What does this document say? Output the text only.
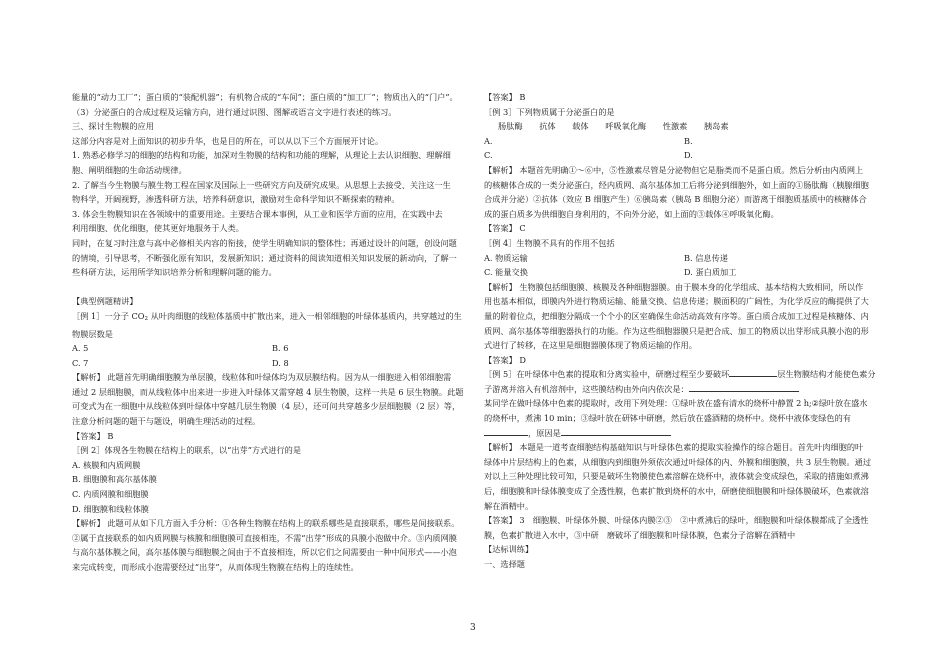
能量的“动力工厂”；蛋白质的“装配机器”；有机物合成的“车间”；蛋白质的“加工厂”；物质出入的“门户”。

（3）分泌蛋白的合成过程及运输方向，进行通过识图、图解或语言文字进行表述的练习。

三、探讨生物膜的应用

这部分内容是对上面知识的初步升华，也是目的所在，可以从以下三个方面展开讨论。

1. 熟悉必修学习的细胞的结构和功能，加深对生物膜的结构和功能的理解，从理论上去认识细胞、理解细

胞、阐明细胞的生命活动规律。

2. 了解当今生物膜与膜生物工程在国家及国际上一些研究方向及研究成果。从思想上去接受、关注这一生

物科学，开阔视野，渗透科研方法，培养科研意识，激励对生命科学知识不断探索的精神。

3. 体会生物膜知识在各领域中的重要用途。主要结合课本事例，从工业和医学方面的应用，在实践中去

利用细胞、优化细胞，使其更好地服务于人类。

同时，在复习时注意与高中必修相关内容的衔接，使学生明确知识的整体性；再通过设计的问题，创设问题

的情境，引导思考，不断强化原有知识，发展新知识；通过资料的阅读知道相关知识发展的新动向，了解一

些科研方法，运用所学知识培养分析和理解问题的能力。

【典型例题精讲】

［例 1］一分子 $CO_2$ 从叶肉细胞的线粒体基质中扩散出来，进入一相邻细胞的叶绿体基质内，共穿越过的生

物膜层数是

A. 5	B. 6
C. 7	D. 8

【解析】 此题首先明确细胞膜为单层膜，线粒体和叶绿体均为双层膜结构。因为从一细胞进入相邻细胞需

通过 2 层细胞膜，而从线粒体中出来进一步进入叶绿体又需穿越 4 层生物膜，这样一共是 6 层生物膜。此题

可变式为在一细胞中从线粒体到叶绿体中穿越几层生物膜（4 层），还可问共穿越多少层细胞膜（2 层）等，

注意分析问题的题干与题设，明确生理活动的过程。

【答案】 B

［例 2］体现各生物膜在结构上的联系，以“出芽”方式进行的是

A. 核膜和内质网膜

B. 细胞膜和高尔基体膜

C. 内质网膜和细胞膜

D. 细胞膜和线粒体膜

【解析】 此题可从如下几方面入手分析：①各种生物膜在结构上的联系哪些是直接联系，哪些是间接联系。

②属于直接联系的如内质网膜与核膜和细胞膜可直接相连，不需“出芽”形成的具膜小泡做中介。③内质网膜

与高尔基体膜之间，高尔基体膜与细胞膜之间由于不直接相连，所以它们之间需要由一种中间形式——小泡

来完成转变，而形成小泡需要经过“出芽”，从而体现生物膜在结构上的连续性。

【答案】 B

［例 3］下列物质属于分泌蛋白的是

肠肽酶 抗体 载体 呼吸氧化酶 性激素 胰岛素

A.	B.
C.	D.

【解析】 本题首先明确①～⑥中，⑤性激素尽管是分泌物但它是脂类而不是蛋白质。然后分析由内质网上

的核糖体合成的一类分泌蛋白，经内质网、高尔基体加工后将分泌到细胞外，如上面的①肠肽酶（胰腺细胞

合成并分泌）②抗体（效应 B 细胞产生）⑥胰岛素（胰岛 B 细胞分泌）而游离于细胞质基质中的核糖体合

成的蛋白质多为供细胞自身利用的，不向外分泌，如上面的③载体④呼吸氧化酶。

【答案】 C

［例 4］生物膜不具有的作用不包括

A. 物质运输	B. 信息传递
C. 能量交换	D. 蛋白质加工

【解析】 生物膜包括细胞膜、核膜及各种细胞器膜。由于膜本身的化学组成、基本结构大致相同，所以作

用也基本相似，即膜内外进行物质运输、能量交换、信息传递；膜面积的广阔性，为化学反应的酶提供了大

量的附着位点，把细胞分隔成一个个小的区室确保生命活动高效有序等。蛋白质合成加工过程是核糖体、内

质网、高尔基体等细胞器执行的功能。作为这些细胞器膜只是把合成、加工的物质以出芽形成具膜小泡的形

式进行了转移，在这里是细胞器膜体现了物质运输的作用。

【答案】 D

［例 5］在叶绿体中色素的提取和分离实验中，研磨过程至少要破坏	层生物膜结构才能使色素分

子游离并溶入有机溶剂中，这些膜结构由外向内依次是：

某同学在做叶绿体中色素的提取时，改用下列处理：①绿叶放在盛有清水的烧杯中静置 2 h;②绿叶放在盛水

的烧杯中，煮沸 10 min；③绿叶放在研钵中研磨，然后放在盛酒精的烧杯中。烧杯中液体变绿色的有

，原因是

【解析】 本题是一道考查细胞结构基础知识与叶绿体色素的提取实验操作的综合题目。首先叶肉细胞的叶

绿体中片层结构上的色素，从细胞内到细胞外须依次通过叶绿体的内、外膜和细胞膜，共 3 层生物膜。通过

对以上三种处理比较可知，只要是破坏生物膜使色素溶解在烧杯中，液体就会变成绿色，采取的措施如煮沸

后，细胞膜和叶绿体膜变成了全透性膜，色素扩散到烧杯的水中，研磨使细胞膜和叶绿体膜破坏，色素就溶

解在酒精中。

【答案】 3　细胞膜、叶绿体外膜、叶绿体内膜②③　②中煮沸后的绿叶，细胞膜和叶绿体膜都成了全透性

膜，色素扩散进入水中，③中研　磨破坏了细胞膜和叶绿体膜，色素分子溶解在酒精中

【达标训练】

一、选择题

3
